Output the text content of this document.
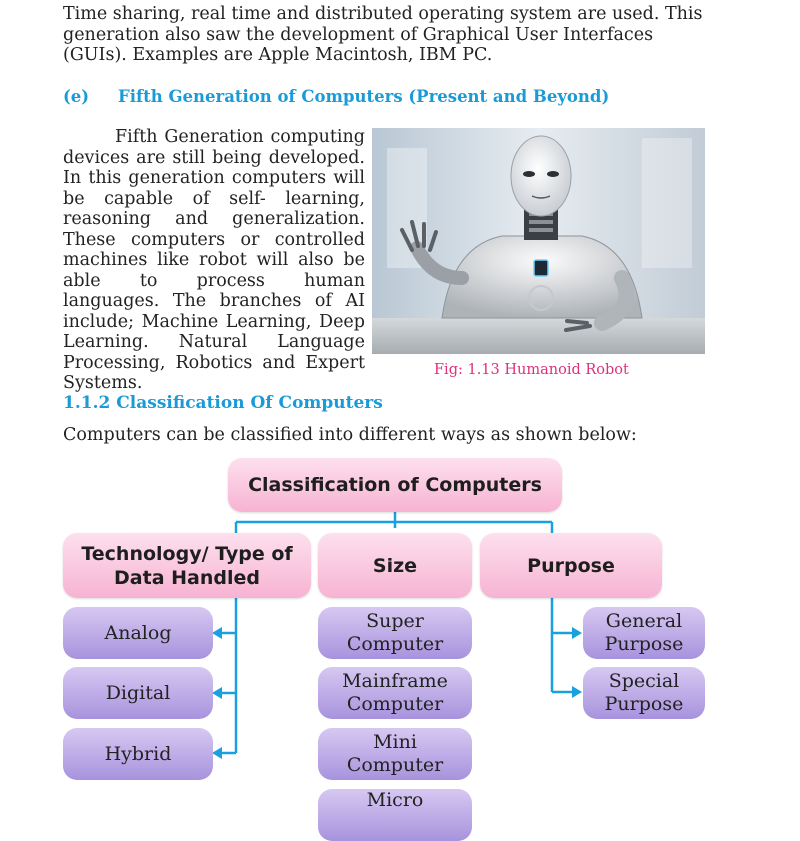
Time sharing, real time and distributed operating system are used. This generation also saw the development of Graphical User Interfaces (GUIs). Examples are Apple Macintosh, IBM PC.
(e) Fifth Generation of Computers (Present and Beyond)
Fifth Generation computing devices are still being developed. In this generation computers will be capable of self- learning, reasoning and generalization. These computers or controlled machines like robot will also be able to process human languages. The branches of AI include; Machine Learning, Deep Learning. Natural Language Processing, Robotics and Expert Systems.
Fig: 1.13 Humanoid Robot
1.1.2 Classification Of Computers
Computers can be classified into different ways as shown below:
Classification of Computers
Technology/ Type of Data Handled
Size	Purpose
Analog
Digital
Hybrid
Super Computer
Mainframe Computer
Mini Computer
Micro
General Purpose
Special Purpose
